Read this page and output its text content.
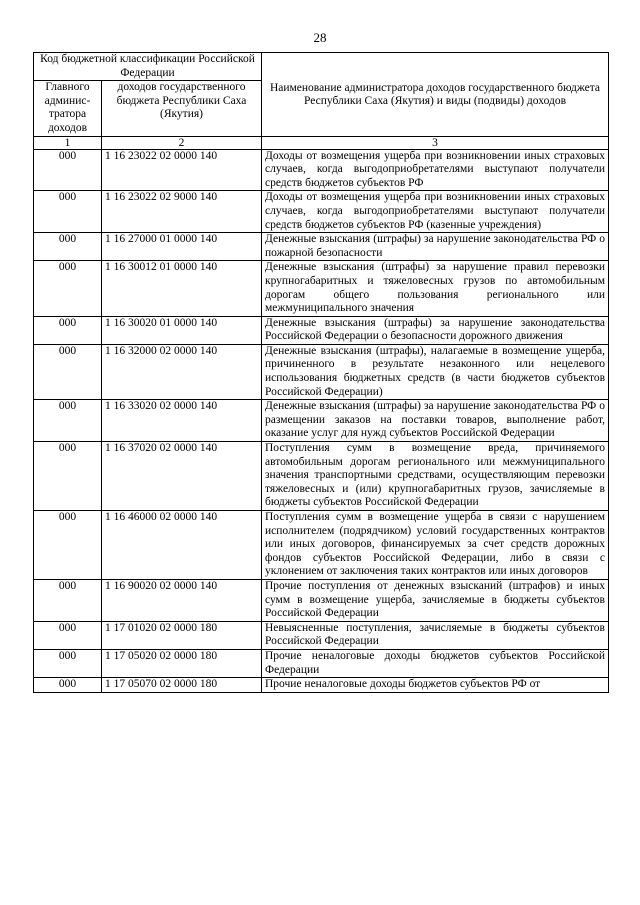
28
Код бюджетной классификации Российской Федерации		Наименование администратора доходов государственного бюджета Республики Саха (Якутия) и виды (подвиды) доходов
Главного админис-тратора доходов	доходов государственного бюджета Республики Саха (Якутия)	
1	2	3
000	1 16 23022 02 0000 140	Доходы от возмещения ущерба при возникновении иных страховых случаев, когда выгодоприобретателями выступают получатели средств бюджетов субъектов РФ
000	1 16 23022 02 9000 140	Доходы от возмещения ущерба при возникновении иных страховых случаев, когда выгодоприобретателями выступают получатели средств бюджетов субъектов РФ (казенные учреждения)
000	1 16 27000 01 0000 140	Денежные взыскания (штрафы) за нарушение законодательства РФ о пожарной безопасности
000	1 16 30012 01 0000 140	Денежные взыскания (штрафы) за нарушение правил перевозки крупногабаритных и тяжеловесных грузов по автомобильным дорогам общего пользования регионального или межмуниципального значения
000	1 16 30020 01 0000 140	Денежные взыскания (штрафы) за нарушение законодательства Российской Федерации о безопасности дорожного движения
000	1 16 32000 02 0000 140	Денежные взыскания (штрафы), налагаемые в возмещение ущерба, причиненного в результате незаконного или нецелевого использования бюджетных средств (в части бюджетов субъектов Российской Федерации)
000	1 16 33020 02 0000 140	Денежные взыскания (штрафы) за нарушение законодательства РФ о размещении заказов на поставки товаров, выполнение работ, оказание услуг для нужд субъектов Российской Федерации
000	1 16 37020 02 0000 140	Поступления сумм в возмещение вреда, причиняемого автомобильным дорогам регионального или межмуниципального значения транспортными средствами, осуществляющим перевозки тяжеловесных и (или) крупногабаритных грузов, зачисляемые в бюджеты субъектов Российской Федерации
000	1 16 46000 02 0000 140	Поступления сумм в возмещение ущерба в связи с нарушением исполнителем (подрядчиком) условий государственных контрактов или иных договоров, финансируемых за счет средств дорожных фондов субъектов Российской Федерации, либо в связи с уклонением от заключения таких контрактов или иных договоров
000	1 16 90020 02 0000 140	Прочие поступления от денежных взысканий (штрафов) и иных сумм в возмещение ущерба, зачисляемые в бюджеты субъектов Российской Федерации
000	1 17 01020 02 0000 180	Невыясненные поступления, зачисляемые в бюджеты субъектов Российской Федерации
000	1 17 05020 02 0000 180	Прочие неналоговые доходы бюджетов субъектов Российской Федерации
000	1 17 05070 02 0000 180	Прочие неналоговые доходы бюджетов субъектов РФ от
